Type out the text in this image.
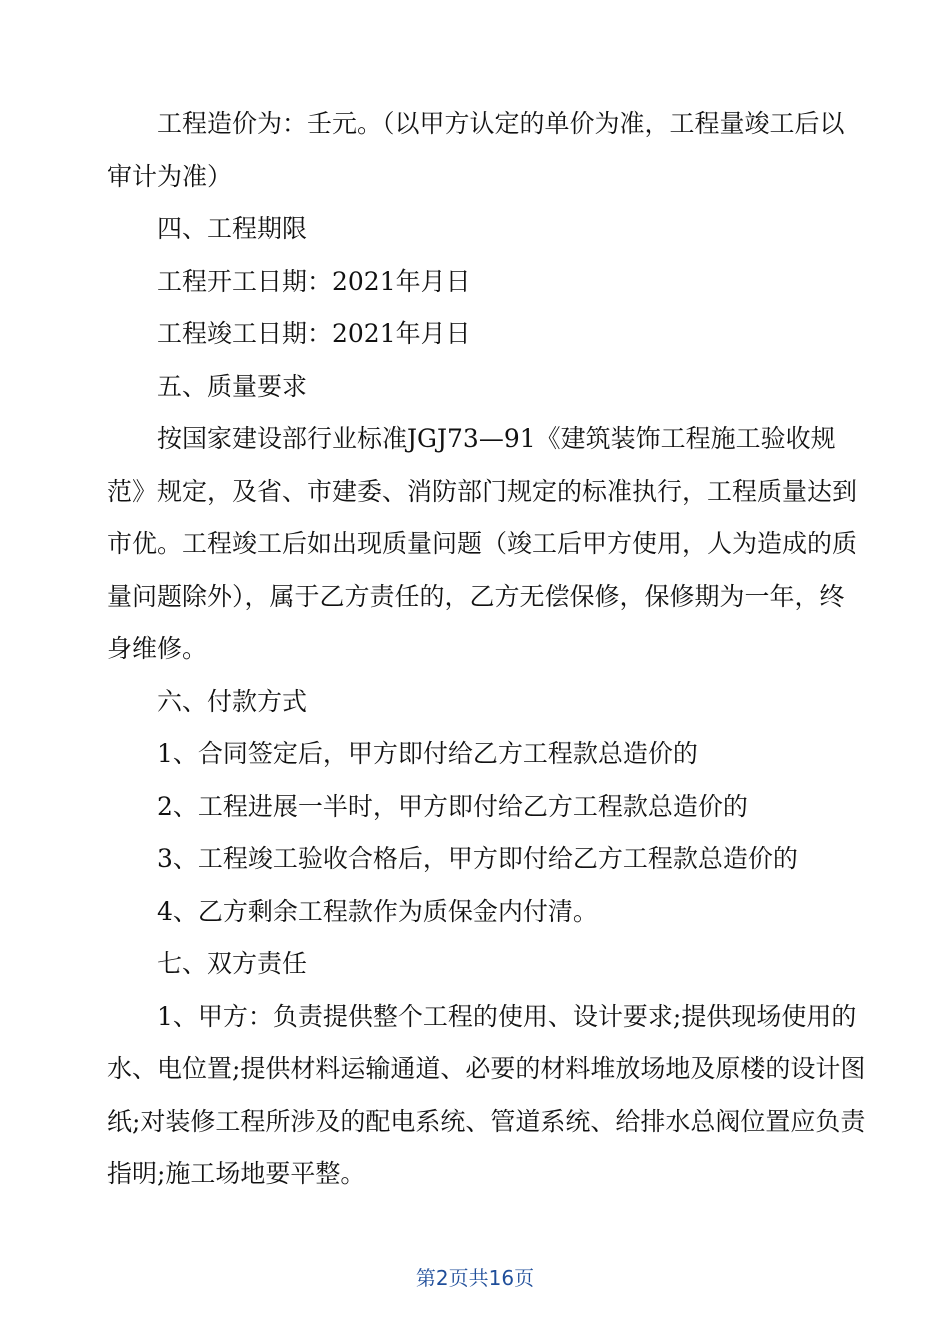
工程造价为：壬元。（以甲方认定的单价为准，工程量竣工后以审计为准）

四、工程期限

工程开工日期：2021年月日

工程竣工日期：2021年月日

五、质量要求

按国家建设部行业标准JGJ73—91《建筑装饰工程施工验收规范》规定，及省、市建委、消防部门规定的标准执行，工程质量达到市优。工程竣工后如出现质量问题（竣工后甲方使用，人为造成的质量问题除外），属于乙方责任的，乙方无偿保修，保修期为一年，终身维修。

六、付款方式

1、合同签定后，甲方即付给乙方工程款总造价的

2、工程进展一半时，甲方即付给乙方工程款总造价的

3、工程竣工验收合格后，甲方即付给乙方工程款总造价的

4、乙方剩余工程款作为质保金内付清。

七、双方责任

1、甲方：负责提供整个工程的使用、设计要求;提供现场使用的水、电位置;提供材料运输通道、必要的材料堆放场地及原楼的设计图纸;对装修工程所涉及的配电系统、管道系统、给排水总阀位置应负责指明;施工场地要平整。

第2页共16页
